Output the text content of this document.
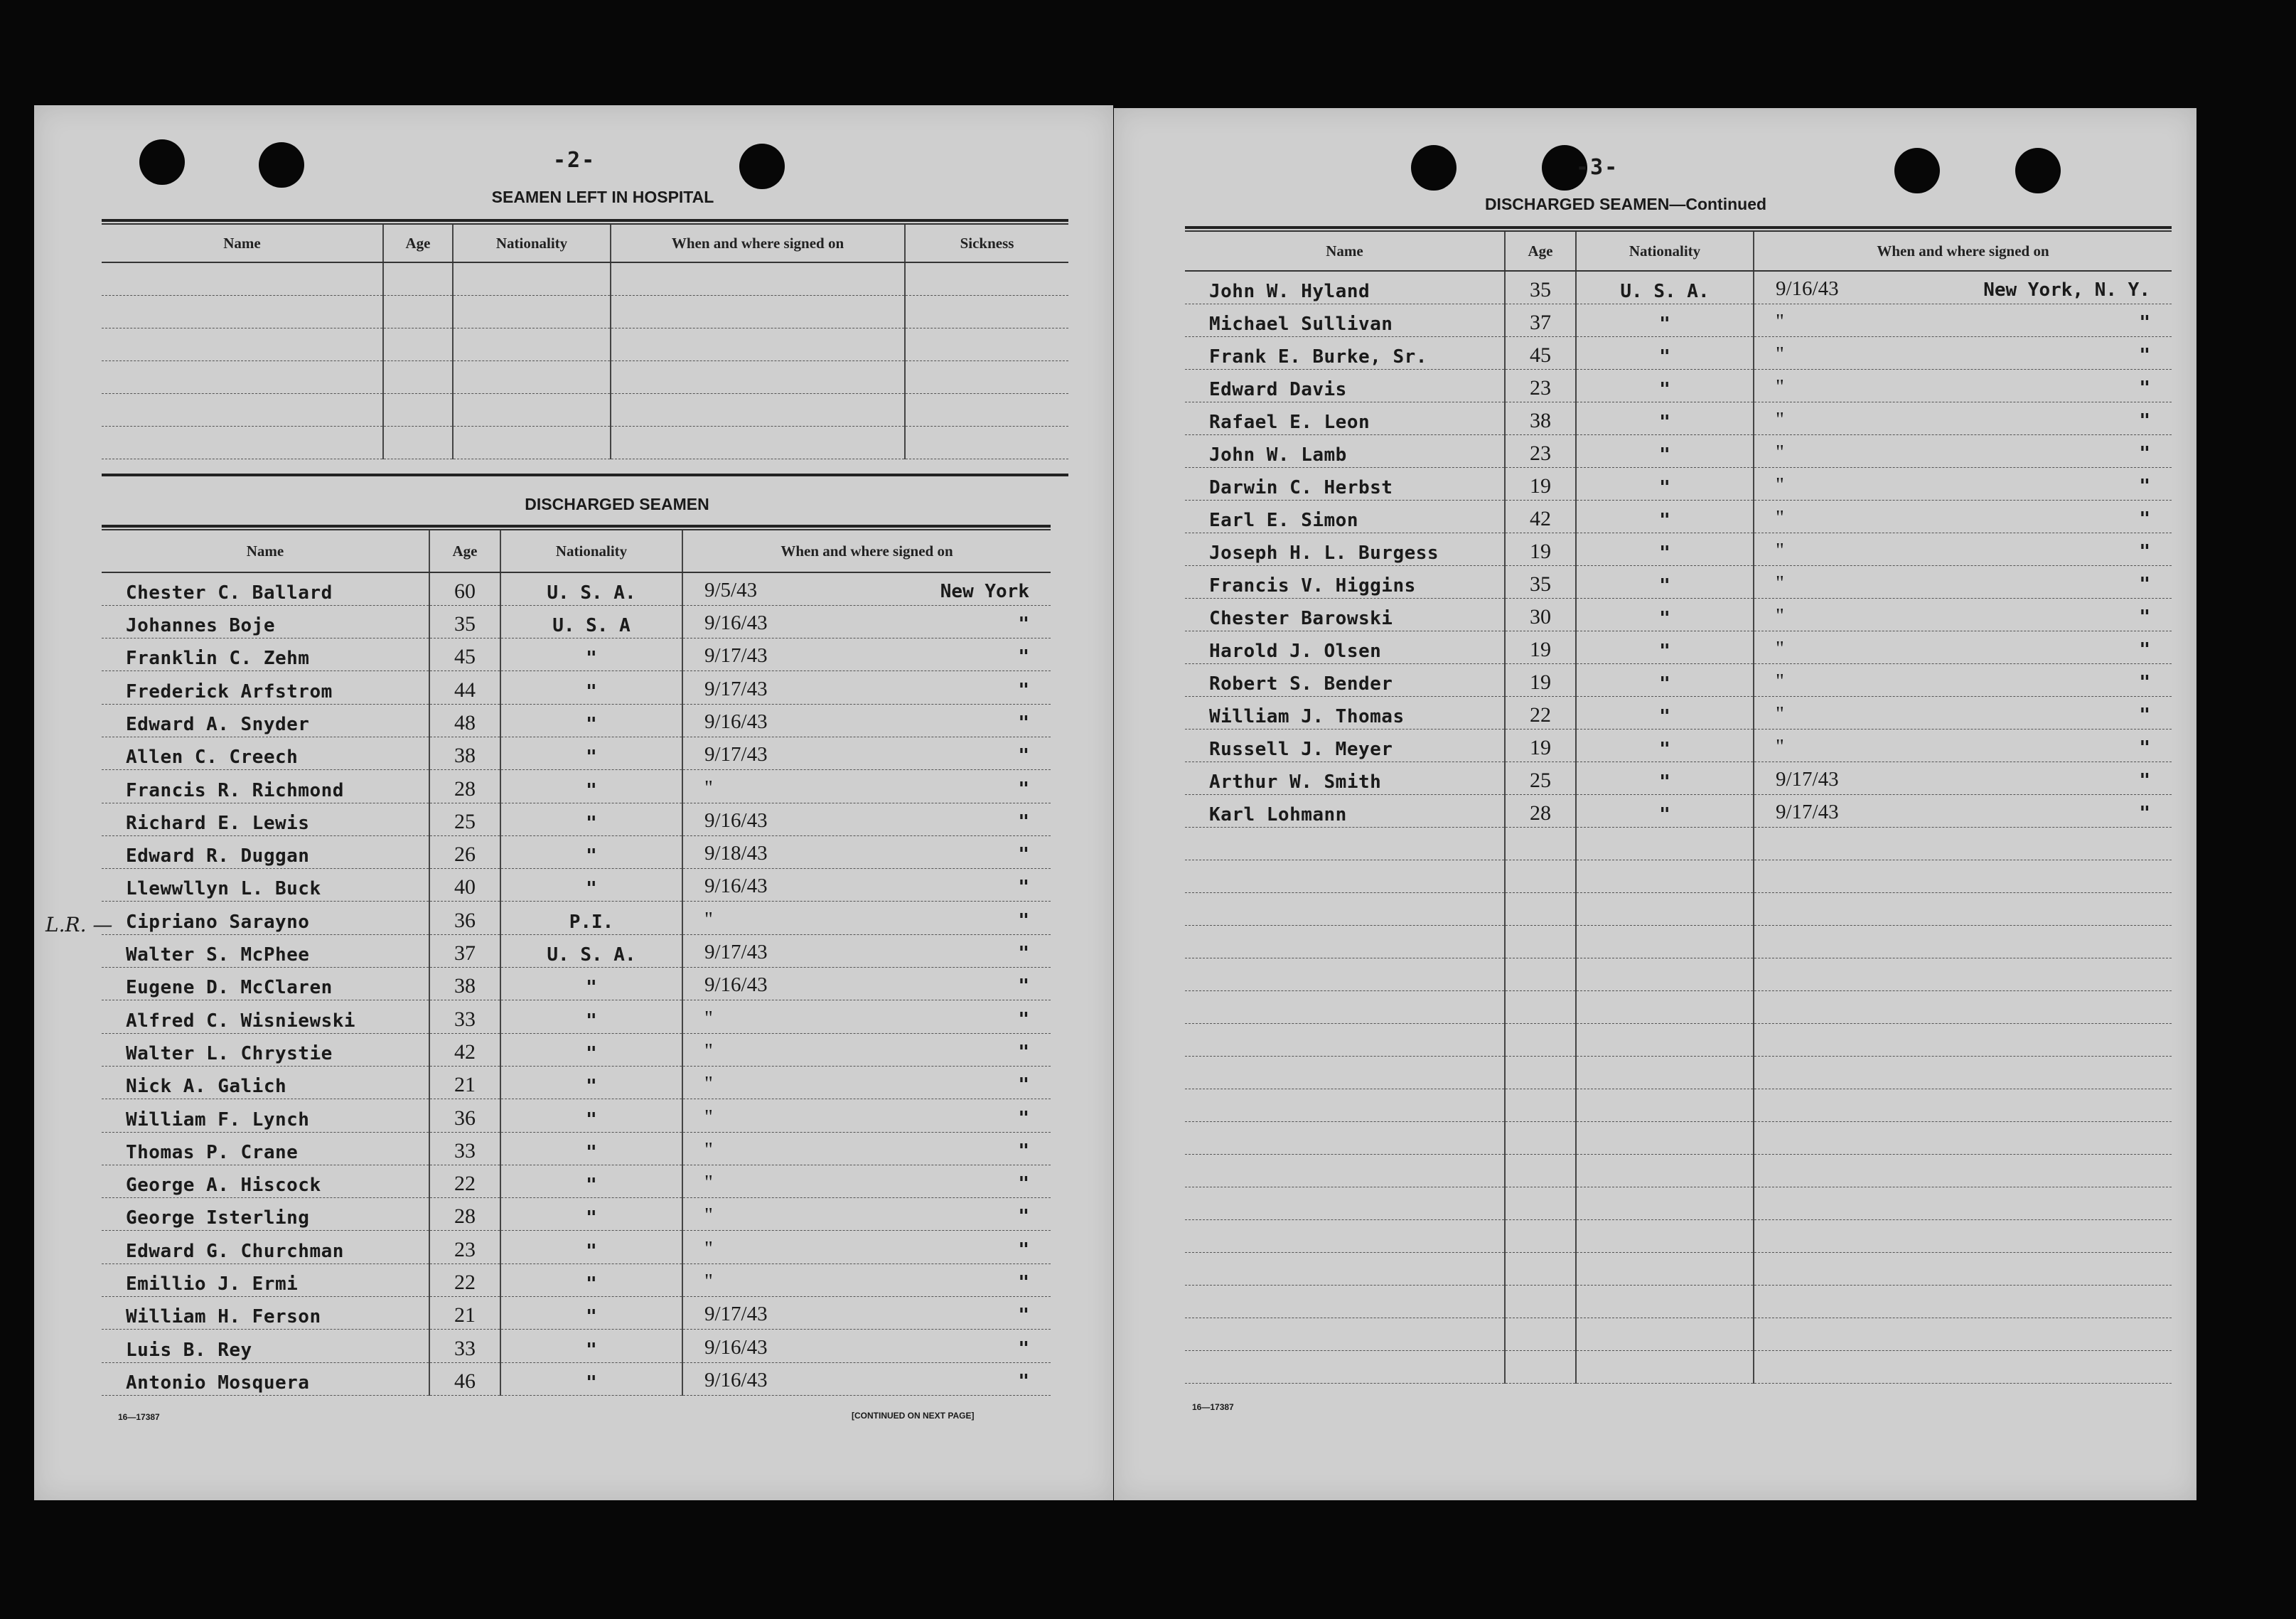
-2-
SEAMEN LEFT IN HOSPITAL
Name	Age	Nationality	When and where signed on	Sickness

DISCHARGED SEAMEN
Name	Age	Nationality	When and where signed on
Chester C. Ballard	60	U. S. A.	9/5/43 New York

Johannes Boje	35	U. S. A	9/16/43 "

Franklin C. Zehm	45	"	9/17/43 "

Frederick Arfstrom	44	"	9/17/43 "

Edward A. Snyder	48	"	9/16/43 "

Allen C. Creech	38	"	9/17/43 "

Francis R. Richmond	28	"	" "

Richard E. Lewis	25	"	9/16/43 "

Edward R. Duggan	26	"	9/18/43 "

Llewwllyn L. Buck	40	"	9/16/43 "

Cipriano Sarayno	36	P.I.	" "

Walter S. McPhee	37	U. S. A.	9/17/43 "

Eugene D. McClaren	38	"	9/16/43 "

Alfred C. Wisniewski	33	"	" "

Walter L. Chrystie	42	"	" "

Nick A. Galich	21	"	" "

William F. Lynch	36	"	" "

Thomas P. Crane	33	"	" "

George A. Hiscock	22	"	" "

George Isterling	28	"	" "

Edward G. Churchman	23	"	" "

Emillio J. Ermi	22	"	" "

William H. Ferson	21	"	9/17/43 "

Luis B. Rey	33	"	9/16/43 "

Antonio Mosquera	46	"	9/16/43 "
L.R. —
16—17387	[CONTINUED ON NEXT PAGE]
-3-
DISCHARGED SEAMEN—Continued
Name	Age	Nationality	When and where signed on
John W. Hyland	35	U. S. A.	9/16/43 New York, N. Y.

Michael Sullivan	37	"	" "

Frank E. Burke, Sr.	45	"	" "

Edward Davis	23	"	" "

Rafael E. Leon	38	"	" "

John W. Lamb	23	"	" "

Darwin C. Herbst	19	"	" "

Earl E. Simon	42	"	" "

Joseph H. L. Burgess	19	"	" "

Francis V. Higgins	35	"	" "

Chester Barowski	30	"	" "

Harold J. Olsen	19	"	" "

Robert S. Bender	19	"	" "

William J. Thomas	22	"	" "

Russell J. Meyer	19	"	" "

Arthur W. Smith	25	"	9/17/43 "

Karl Lohmann	28	"	9/17/43 "

16—17387
